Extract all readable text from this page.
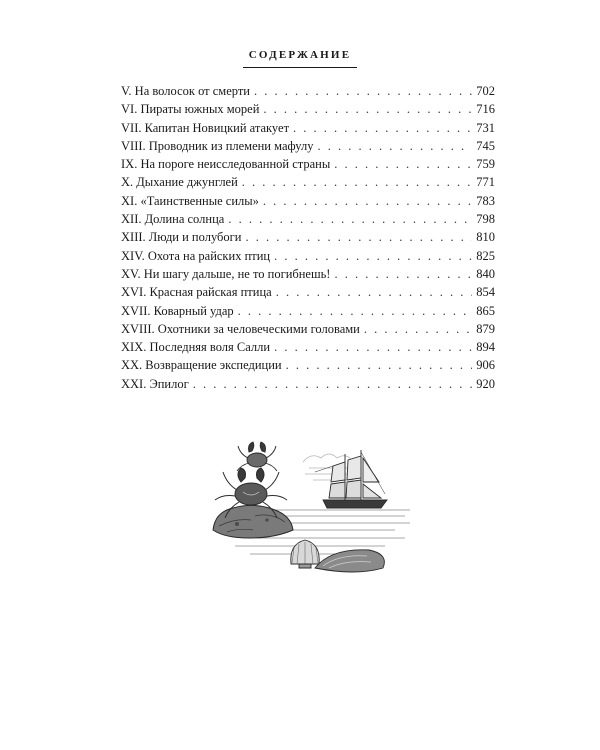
СОДЕРЖАНИЕ
V. На волосок от смерти . . .	702
VI. Пираты южных морей . . .	716
VII. Капитан Новицкий атакует . . .	731
VIII. Проводник из племени мафулу . . .	745
IX. На пороге неисследованной страны . . .	759
X. Дыхание джунглей . . .	771
XI. «Таинственные силы» . . .	783
XII. Долина солнца . . .	798
XIII. Люди и полубоги . . .	810
XIV. Охота на райских птиц . . .	825
XV. Ни шагу дальше, не то погибнешь! . . .	840
XVI. Красная райская птица . . .	854
XVII. Коварный удар . . .	865
XVIII. Охотники за человеческими головами . . .	879
XIX. Последняя воля Салли . . .	894
XX. Возвращение экспедиции . . .	906
XXI. Эпилог . . .	920
